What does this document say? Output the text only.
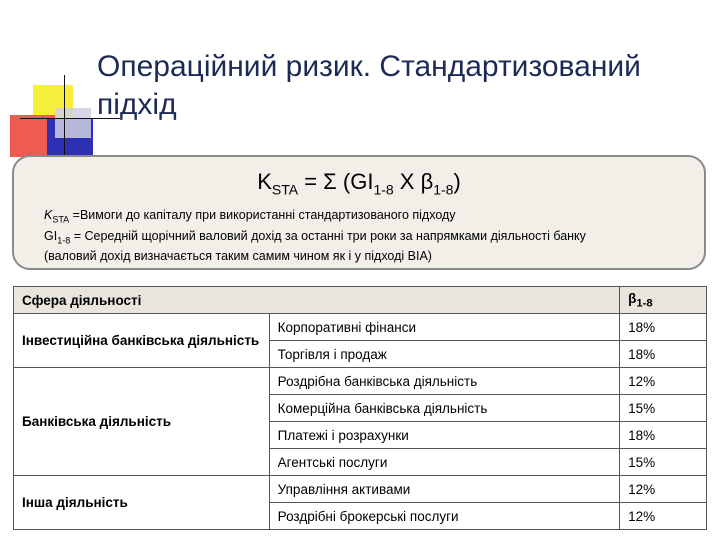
Операційний ризик. Стандартизований підхід
$K_{STA} = \Sigma$ ($GI_{1-8}$ X $\beta_{1-8}$)
$K_{STA}$ =Вимоги до капіталу при використанні стандартизованого підходу
$GI_{1-8}$ = Середній щорічний валовий дохід за останні три роки за напрямками діяльності банку
(валовий дохід визначається таким самим чином як і у підході BIA)
Сфера діяльності		$\beta_{1-8}$
Інвестиційна банківська діяльність	Корпоративні фінанси	18%
	Торгівля і продаж	18%
Банківська діяльність	Роздрібна банківська діяльність	12%
	Комерційна банківська діяльність	15%
	Платежі і розрахунки	18%
	Агентські послуги	15%
Інша діяльність	Управління активами	12%
	Роздрібні брокерські послуги	12%
